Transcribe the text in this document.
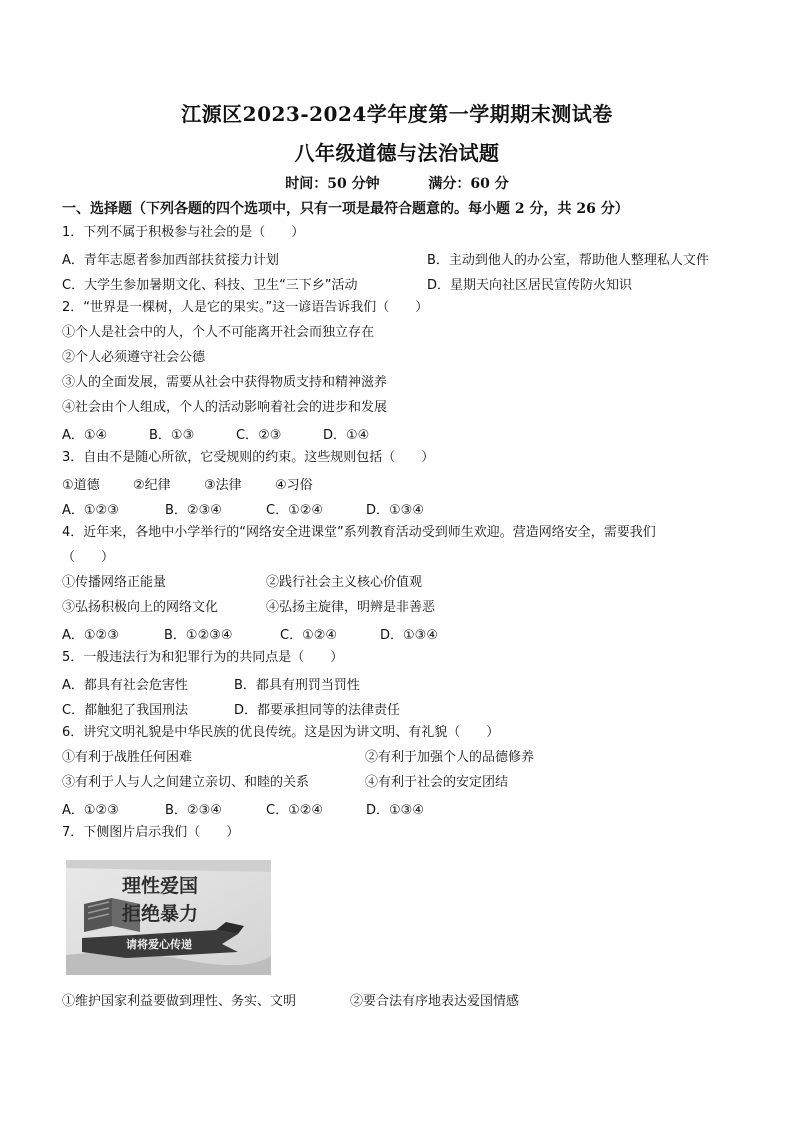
江源区2023-2024学年度第一学期期末测试卷
八年级道德与法治试题
时间：50 分钟	满分：60 分
一、选择题（下列各题的四个选项中，只有一项是最符合题意的。每小题 2 分，共 26 分）
1．下列不属于积极参与社会的是（　　）
A．青年志愿者参加西部扶贫接力计划	B．主动到他人的办公室，帮助他人整理私人文件
C．大学生参加暑期文化、科技、卫生“三下乡”活动	D．星期天向社区居民宣传防火知识
2．“世界是一棵树，人是它的果实。”这一谚语告诉我们（　　）
①个人是社会中的人，个人不可能离开社会而独立存在
②个人必须遵守社会公德
③人的全面发展，需要从社会中获得物质支持和精神滋养
④社会由个人组成，个人的活动影响着社会的进步和发展
A．①④	B．①③	C．②③	D．①④
3．自由不是随心所欲，它受规则的约束。这些规则包括（　　）
①道德	②纪律	③法律	④习俗
A．①②③	B．②③④	C．①②④	D．①③④
4．近年来，各地中小学举行的“网络安全进课堂”系列教育活动受到师生欢迎。营造网络安全，需要我们
（　　）
①传播网络正能量	②践行社会主义核心价值观
③弘扬积极向上的网络文化	④弘扬主旋律，明辨是非善恶
A．①②③	B．①②③④	C．①②④	D．①③④
5．一般违法行为和犯罪行为的共同点是（　　）
A．都具有社会危害性	B．都具有刑罚当罚性
C．都触犯了我国刑法	D．都要承担同等的法律责任
6．讲究文明礼貌是中华民族的优良传统。这是因为讲文明、有礼貌（　　）
①有利于战胜任何困难	②有利于加强个人的品德修养
③有利于人与人之间建立亲切、和睦的关系	④有利于社会的安定团结
A．①②③	B．②③④	C．①②④	D．①③④
7．下侧图片启示我们（　　）
理性爱国
拒绝暴力
请将爱心传递
①维护国家利益要做到理性、务实、文明	②要合法有序地表达爱国情感
